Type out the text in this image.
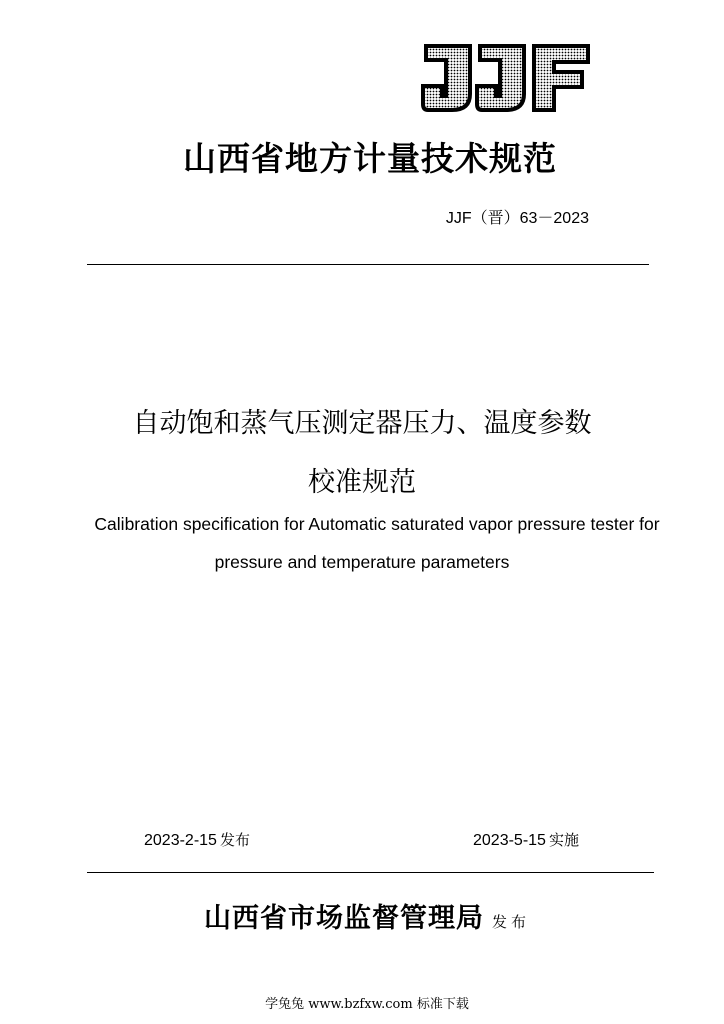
山西省地方计量技术规范
JJF（晋）63－2023
自动饱和蒸气压测定器压力、温度参数
校准规范
Calibration specification for Automatic saturated vapor pressure tester for
pressure and temperature parameters
2023-2-15 发布	2023-5-15 实施
山西省市场监督管理局 发布
学兔兔 www.bzfxw.com 标准下载
